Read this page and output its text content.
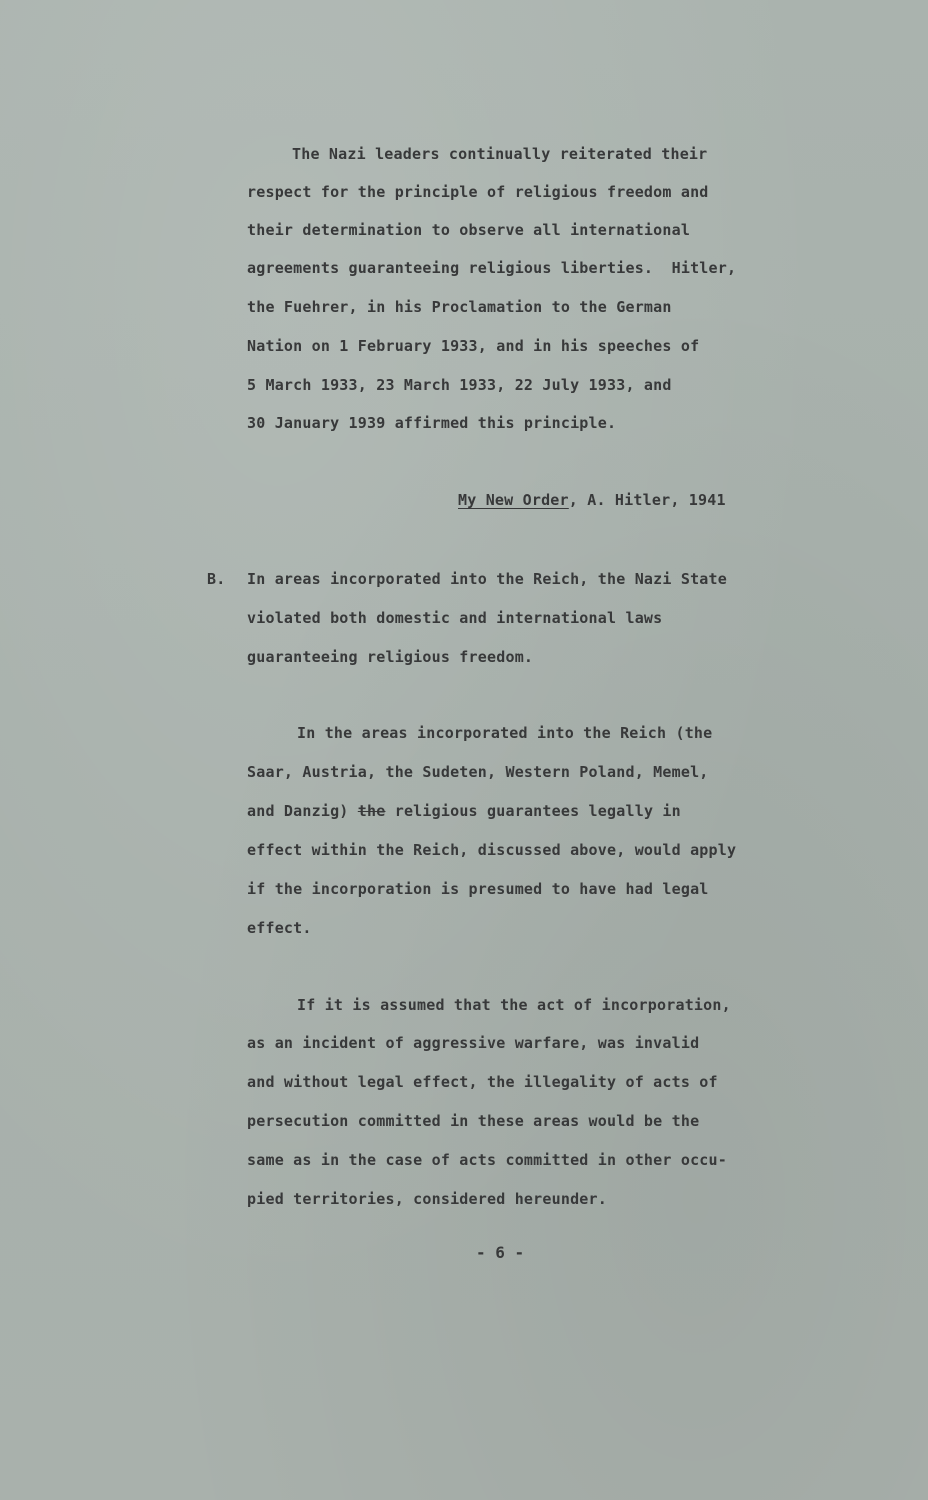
The Nazi leaders continually reiterated their
respect for the principle of religious freedom and
their determination to observe all international
agreements guaranteeing religious liberties.  Hitler,
the Fuehrer, in his Proclamation to the German
Nation on 1 February 1933, and in his speeches of
5 March 1933, 23 March 1933, 22 July 1933, and
30 January 1939 affirmed this principle.
My New Order, A. Hitler, 1941
B. In areas incorporated into the Reich, the Nazi State
violated both domestic and international laws
guaranteeing religious freedom.
In the areas incorporated into the Reich (the
Saar, Austria, the Sudeten, Western Poland, Memel,
and Danzig) the religious guarantees legally in
effect within the Reich, discussed above, would apply
if the incorporation is presumed to have had legal
effect.
If it is assumed that the act of incorporation,
as an incident of aggressive warfare, was invalid
and without legal effect, the illegality of acts of
persecution committed in these areas would be the
same as in the case of acts committed in other occu-
pied territories, considered hereunder.
- 6 -
